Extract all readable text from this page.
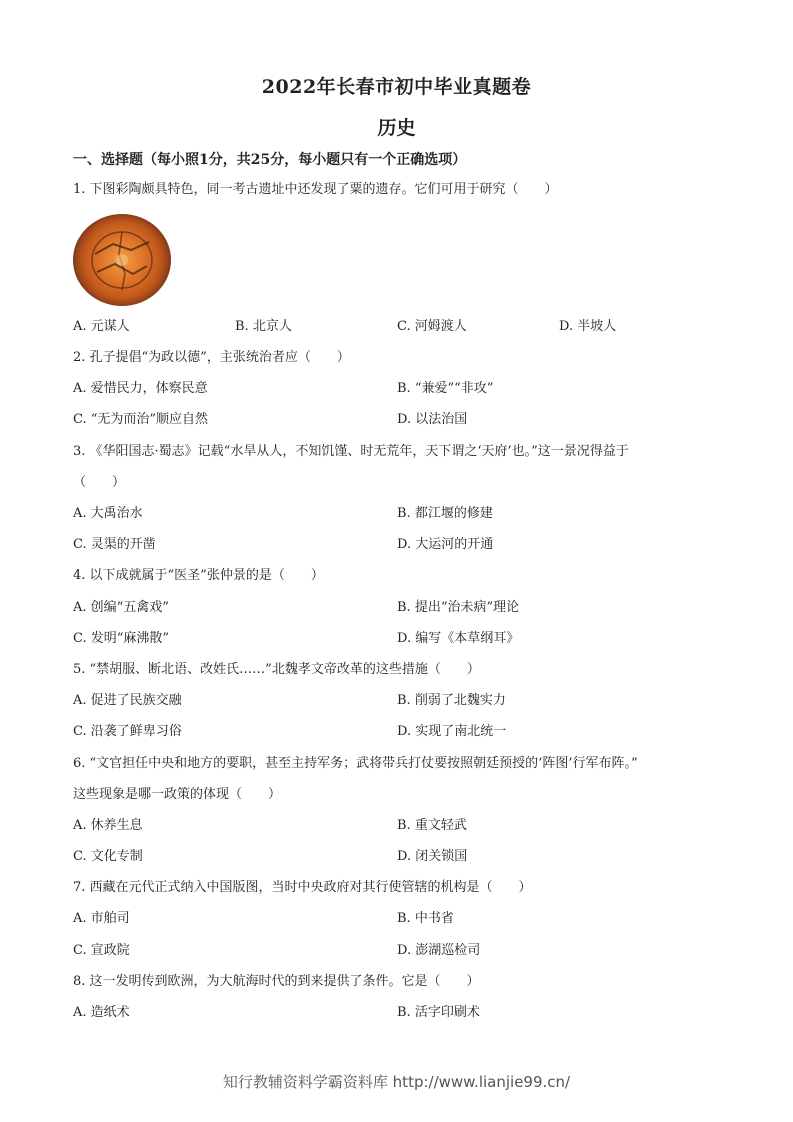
2022年长春市初中毕业真题卷
历史
一、选择题（每小照1分，共25分，每小题只有一个正确选项）
1. 下图彩陶颇具特色，同一考古遗址中还发现了粟的遗存。它们可用于研究（　　）
A. 元谋人	B. 北京人	C. 河姆渡人	D. 半坡人
2. 孔子提倡“为政以德”，主张统治者应（　　）
A. 爱惜民力，体察民意	B. “兼爱”“非攻”
C. “无为而治”顺应自然	D. 以法治国
3. 《华阳国志·蜀志》记载“水旱从人，不知饥馑、时无荒年，天下谓之‘天府’也。”这一景况得益于
（　　）
A. 大禹治水	B. 都江堰的修建
C. 灵渠的开凿	D. 大运河的开通
4. 以下成就属于“医圣”张仲景的是（　　）
A. 创编“五禽戏”	B. 提出“治未病”理论
C. 发明“麻沸散”	D. 编写《本草纲耳》
5. “禁胡服、断北语、改姓氏……”北魏孝文帝改革的这些措施（　　）
A. 促进了民族交融	B. 削弱了北魏实力
C. 沿袭了鲜卑习俗	D. 实现了南北统一
6. “文官担任中央和地方的要职，甚至主持军务；武将带兵打仗要按照朝廷预授的‘阵图’行军布阵。”
这些现象是哪一政策的体现（　　）
A. 休养生息	B. 重文轻武
C. 文化专制	D. 闭关锁国
7. 西藏在元代正式纳入中国版图，当时中央政府对其行使管辖的机构是（　　）
A. 市舶司	B. 中书省
C. 宣政院	D. 澎湖巡检司
8. 这一发明传到欧洲，为大航海时代的到来提供了条件。它是（　　）
A. 造纸术	B. 活字印刷术
知行教辅资料学霸资料库 http://www.lianjie99.cn/
